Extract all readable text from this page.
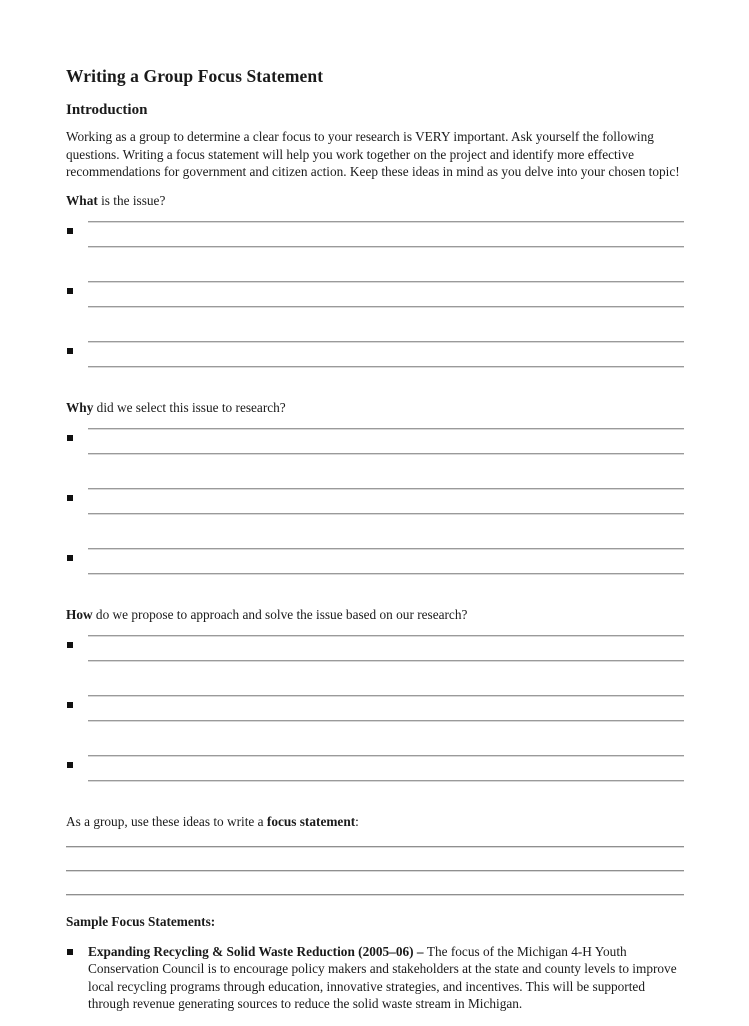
Writing a Group Focus Statement
Introduction

Working as a group to determine a clear focus to your research is VERY important. Ask yourself the following questions. Writing a focus statement will help you work together on the project and identify more effective recommendations for government and citizen action. Keep these ideas in mind as you delve into your chosen topic!

What is the issue?

Why did we select this issue to research?

How do we propose to approach and solve the issue based on our research?

As a group, use these ideas to write a focus statement:

Sample Focus Statements:

Expanding Recycling & Solid Waste Reduction (2005–06) – The focus of the Michigan 4-H Youth Conservation Council is to encourage policy makers and stakeholders at the state and county levels to improve local recycling programs through education, innovative strategies, and incentives. This will be supported through revenue generating sources to reduce the solid waste stream in Michigan.
